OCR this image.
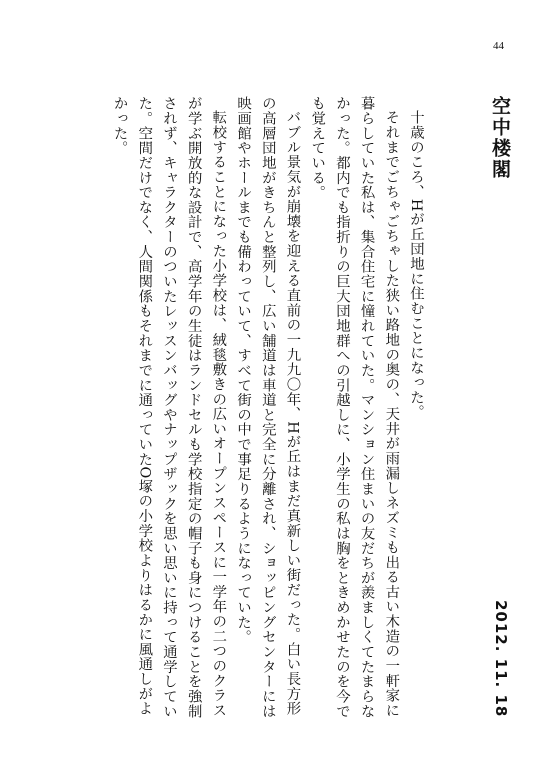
44
空中楼閣
2012. 11. 18

十歳のころ、Hが丘団地に住むことになった。

それまでごちゃごちゃした狭い路地の奥の、天井が雨漏しネズミも出る古い木造の一軒家に暮らしていた私は、集合住宅に憧れていた。マンション住まいの友だちが羨ましくてたまらなかった。都内でも指折りの巨大団地群への引越しに、小学生の私は胸をときめかせたのを今でも覚えている。

バブル景気が崩壊を迎える直前の一九九〇年、Hが丘はまだ真新しい街だった。白い長方形の高層団地がきちんと整列し、広い舗道は車道と完全に分離され、ショッピングセンターには映画館やホールまでも備わっていて、すべて街の中で事足りるようになっていた。

転校することになった小学校は、絨毯敷きの広いオープンスペースに一学年の二つのクラスが学ぶ開放的な設計で、高学年の生徒はランドセルも学校指定の帽子も身につけることを強制されず、キャラクターのついたレッスンバッグやナップザックを思い思いに持って通学していた。空間だけでなく、人間関係もそれまでに通っていたO塚の小学校よりはるかに風通しがよかった。
